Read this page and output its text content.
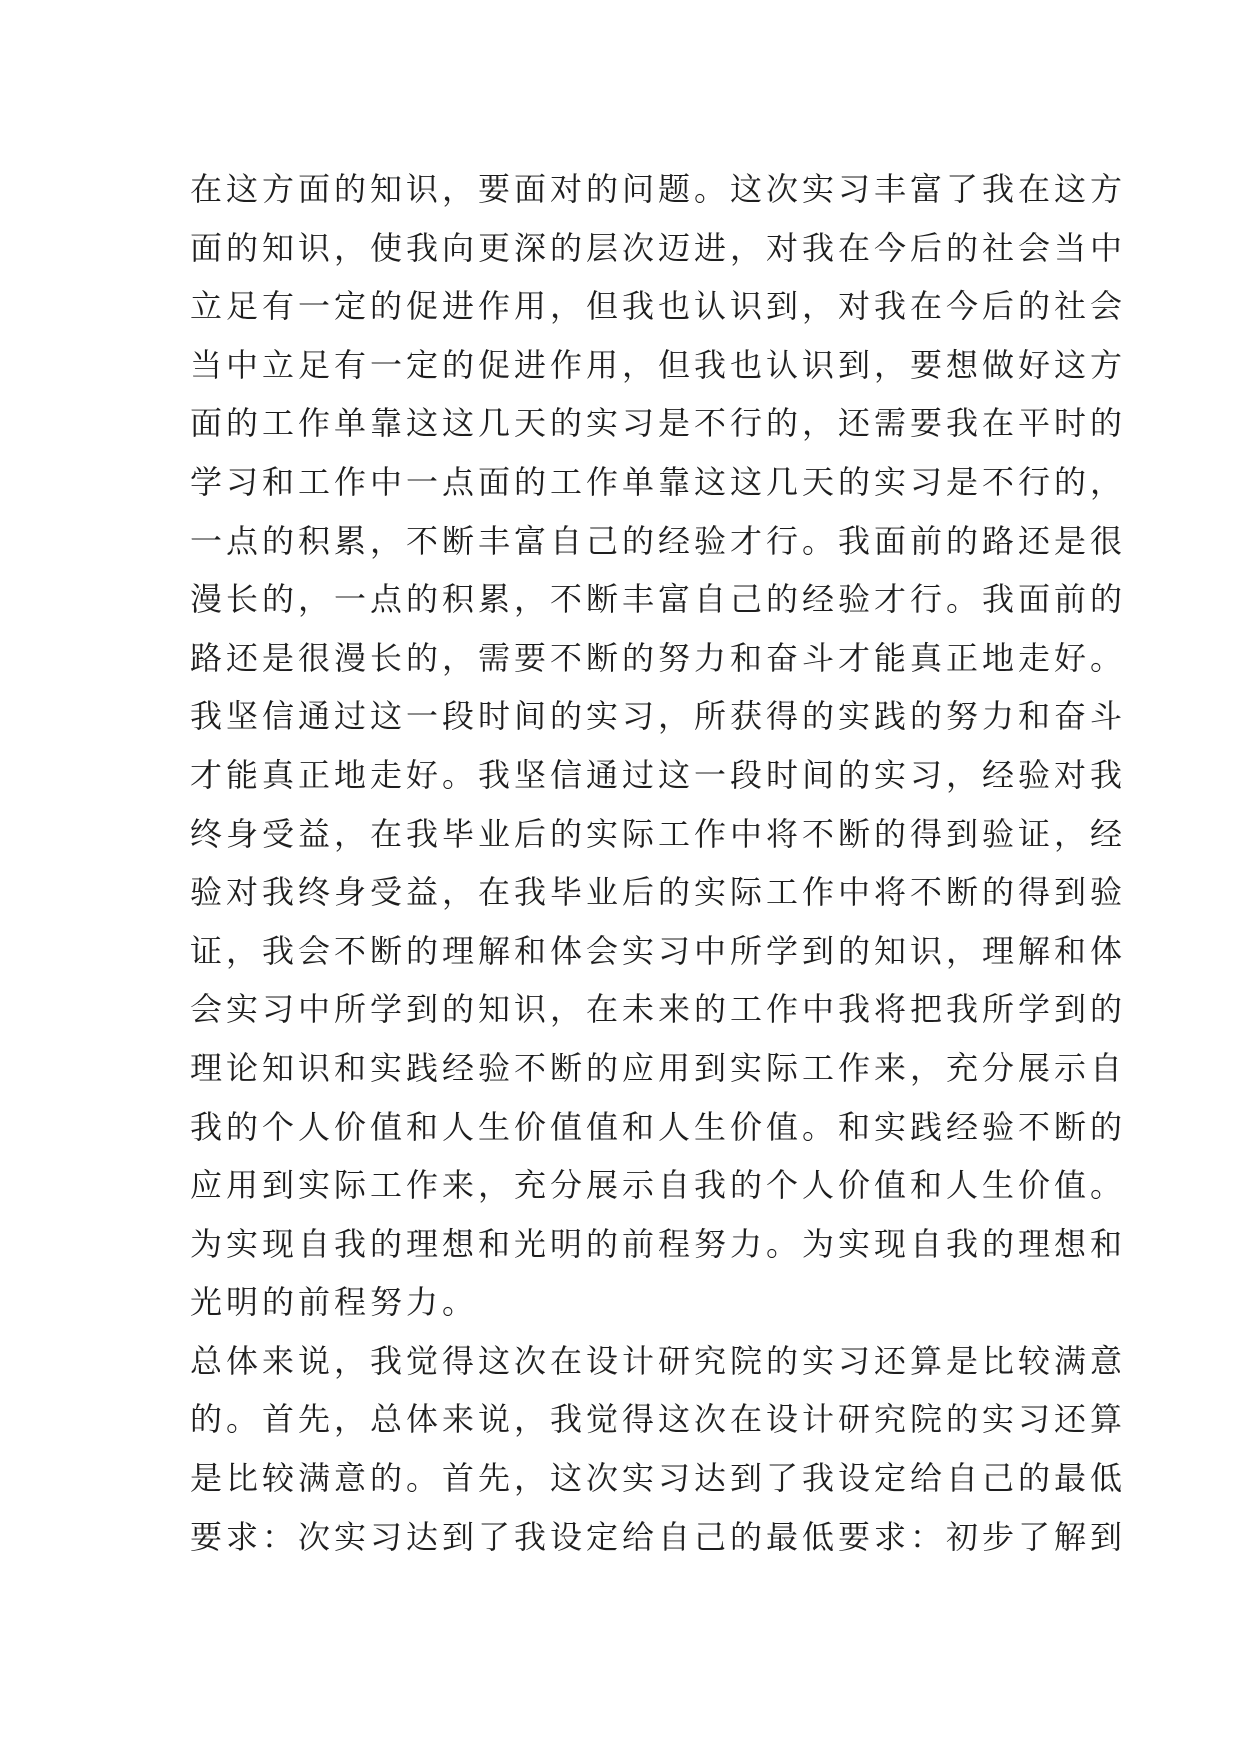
在这方面的知识，要面对的问题。这次实习丰富了我在这方
面的知识，使我向更深的层次迈进，对我在今后的社会当中
立足有一定的促进作用，但我也认识到，对我在今后的社会
当中立足有一定的促进作用，但我也认识到，要想做好这方
面的工作单靠这这几天的实习是不行的，还需要我在平时的
学习和工作中一点面的工作单靠这这几天的实习是不行的，
一点的积累，不断丰富自己的经验才行。我面前的路还是很
漫长的，一点的积累，不断丰富自己的经验才行。我面前的
路还是很漫长的，需要不断的努力和奋斗才能真正地走好。
我坚信通过这一段时间的实习，所获得的实践的努力和奋斗
才能真正地走好。我坚信通过这一段时间的实习，经验对我
终身受益，在我毕业后的实际工作中将不断的得到验证，经
验对我终身受益，在我毕业后的实际工作中将不断的得到验
证，我会不断的理解和体会实习中所学到的知识，理解和体
会实习中所学到的知识，在未来的工作中我将把我所学到的
理论知识和实践经验不断的应用到实际工作来，充分展示自
我的个人价值和人生价值值和人生价值。和实践经验不断的
应用到实际工作来，充分展示自我的个人价值和人生价值。
为实现自我的理想和光明的前程努力。为实现自我的理想和
光明的前程努力。
总体来说，我觉得这次在设计研究院的实习还算是比较满意
的。首先，总体来说，我觉得这次在设计研究院的实习还算
是比较满意的。首先，这次实习达到了我设定给自己的最低
要求：次实习达到了我设定给自己的最低要求：初步了解到
